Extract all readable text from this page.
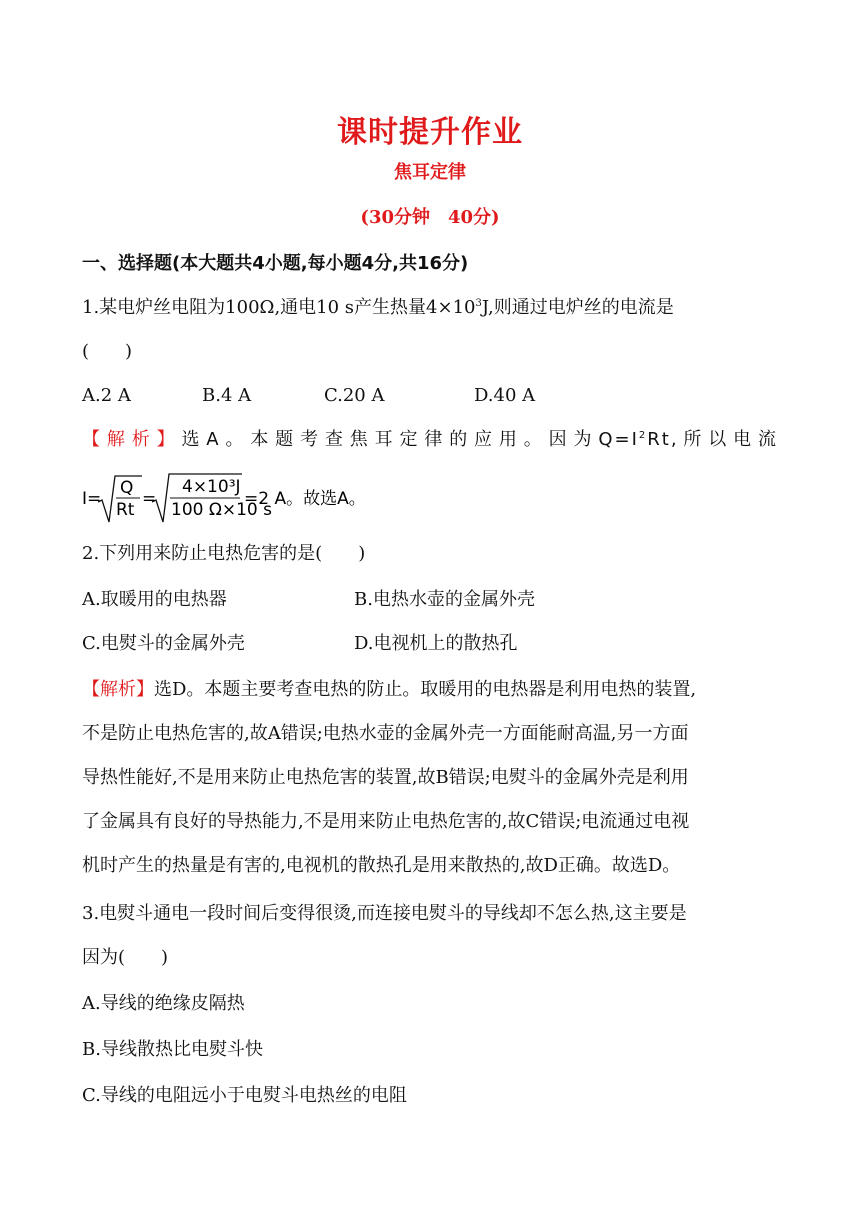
课时提升作业
焦耳定律
(30分钟　40分)
一、选择题(本大题共4小题,每小题4分,共16分)
1.某电炉丝电阻为100Ω,通电10 s产生热量$4\times 10^3J$,则通过电炉丝的电流是
(　　)
A.2 A	B.4 A	C.20 A	D.40 A
【解析】选A。本题考查焦耳定律的应用。因为$Q=I^2Rt$,所以电流
I=
Q
Rt
=
4×10³J
100 Ω×10 s
=2 A。故选A。
2.下列用来防止电热危害的是(　　)
A.取暖用的电热器	B.电热水壶的金属外壳
C.电熨斗的金属外壳	D.电视机上的散热孔
【解析】选D。本题主要考查电热的防止。取暖用的电热器是利用电热的装置,
不是防止电热危害的,故A错误;电热水壶的金属外壳一方面能耐高温,另一方面
导热性能好,不是用来防止电热危害的装置,故B错误;电熨斗的金属外壳是利用
了金属具有良好的导热能力,不是用来防止电热危害的,故C错误;电流通过电视
机时产生的热量是有害的,电视机的散热孔是用来散热的,故D正确。故选D。
3.电熨斗通电一段时间后变得很烫,而连接电熨斗的导线却不怎么热,这主要是
因为(　　)
A.导线的绝缘皮隔热
B.导线散热比电熨斗快
C.导线的电阻远小于电熨斗电热丝的电阻
